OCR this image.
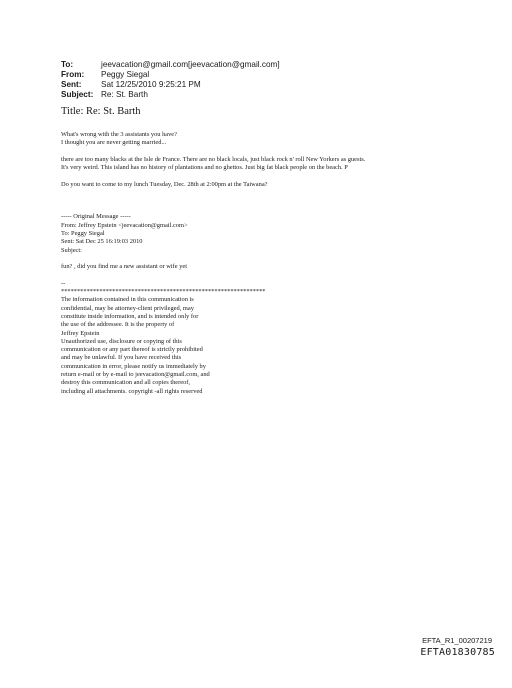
To:	jeevacation@gmail.com[jeevacation@gmail.com]
From:	Peggy Siegal
Sent:	Sat 12/25/2010 9:25:21 PM
Subject: Re: St. Barth
Title: Re: St. Barth

What's wrong with the 3 assistants you have?

I thought you are never getting married...

there are too many blacks at the Isle de France. There are no black locals, just black rock n' roll New Yorkers as guests.

It's very weird. This island has no history of plantations and no ghettos. Just big fat black people on the beach. P

Do you want to come to my lunch Tuesday, Dec. 28th at 2:00pm at the Taiwana?

----- Original Message -----

From: Jeffrey Epstein <jeevacation@gmail.com>

To: Peggy Siegal

Sent: Sat Dec 25 16:19:03 2010

Subject:

fun? , did you find me a new assistant or wife yet

--

****************************************************************

The information contained in this communication is

confidential, may be attorney-client privileged, may

constitute inside information, and is intended only for

the use of the addressee. It is the property of

Jeffrey Epstein

Unauthorized use, disclosure or copying of this

communication or any part thereof is strictly prohibited

and may be unlawful. If you have received this

communication in error, please notify us immediately by

return e-mail or by e-mail to jeevacation@gmail.com, and

destroy this communication and all copies thereof,

including all attachments. copyright -all rights reserved

EFTA_R1_00207219
EFTA01830785
